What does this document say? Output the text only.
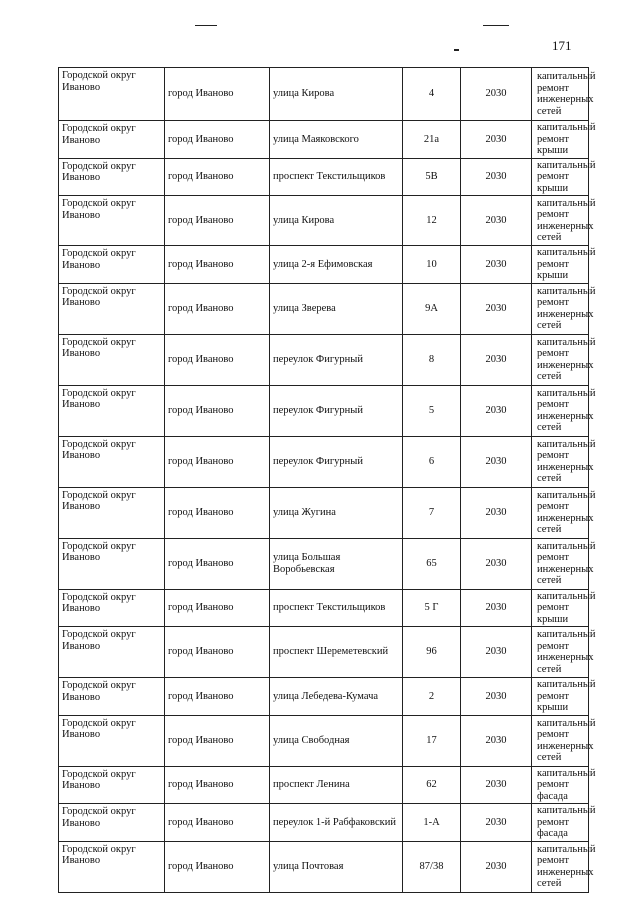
171
Городской округ Иваново	город Иваново	улица Кирова	4	2030	капитальный ремонт инженерных сетей
Городской округ Иваново	город Иваново	улица Маяковского	21а	2030	капитальный ремонт крыши
Городской округ Иваново	город Иваново	проспект Текстильщиков	5В	2030	капитальный ремонт крыши
Городской округ Иваново	город Иваново	улица Кирова	12	2030	капитальный ремонт инженерных сетей
Городской округ Иваново	город Иваново	улица 2-я Ефимовская	10	2030	капитальный ремонт крыши
Городской округ Иваново	город Иваново	улица Зверева	9А	2030	капитальный ремонт инженерных сетей
Городской округ Иваново	город Иваново	переулок Фигурный	8	2030	капитальный ремонт инженерных сетей
Городской округ Иваново	город Иваново	переулок Фигурный	5	2030	капитальный ремонт инженерных сетей
Городской округ Иваново	город Иваново	переулок Фигурный	6	2030	капитальный ремонт инженерных сетей
Городской округ Иваново	город Иваново	улица Жугина	7	2030	капитальный ремонт инженерных сетей
Городской округ Иваново	город Иваново	улица Большая Воробьевская	65	2030	капитальный ремонт инженерных сетей
Городской округ Иваново	город Иваново	проспект Текстильщиков	5 Г	2030	капитальный ремонт крыши
Городской округ Иваново	город Иваново	проспект Шереметевский	96	2030	капитальный ремонт инженерных сетей
Городской округ Иваново	город Иваново	улица Лебедева-Кумача	2	2030	капитальный ремонт крыши
Городской округ Иваново	город Иваново	улица Свободная	17	2030	капитальный ремонт инженерных сетей
Городской округ Иваново	город Иваново	проспект Ленина	62	2030	капитальный ремонт фасада
Городской округ Иваново	город Иваново	переулок 1-й Рабфаковский	1-А	2030	капитальный ремонт фасада
Городской округ Иваново	город Иваново	улица Почтовая	87/38	2030	капитальный ремонт инженерных сетей
